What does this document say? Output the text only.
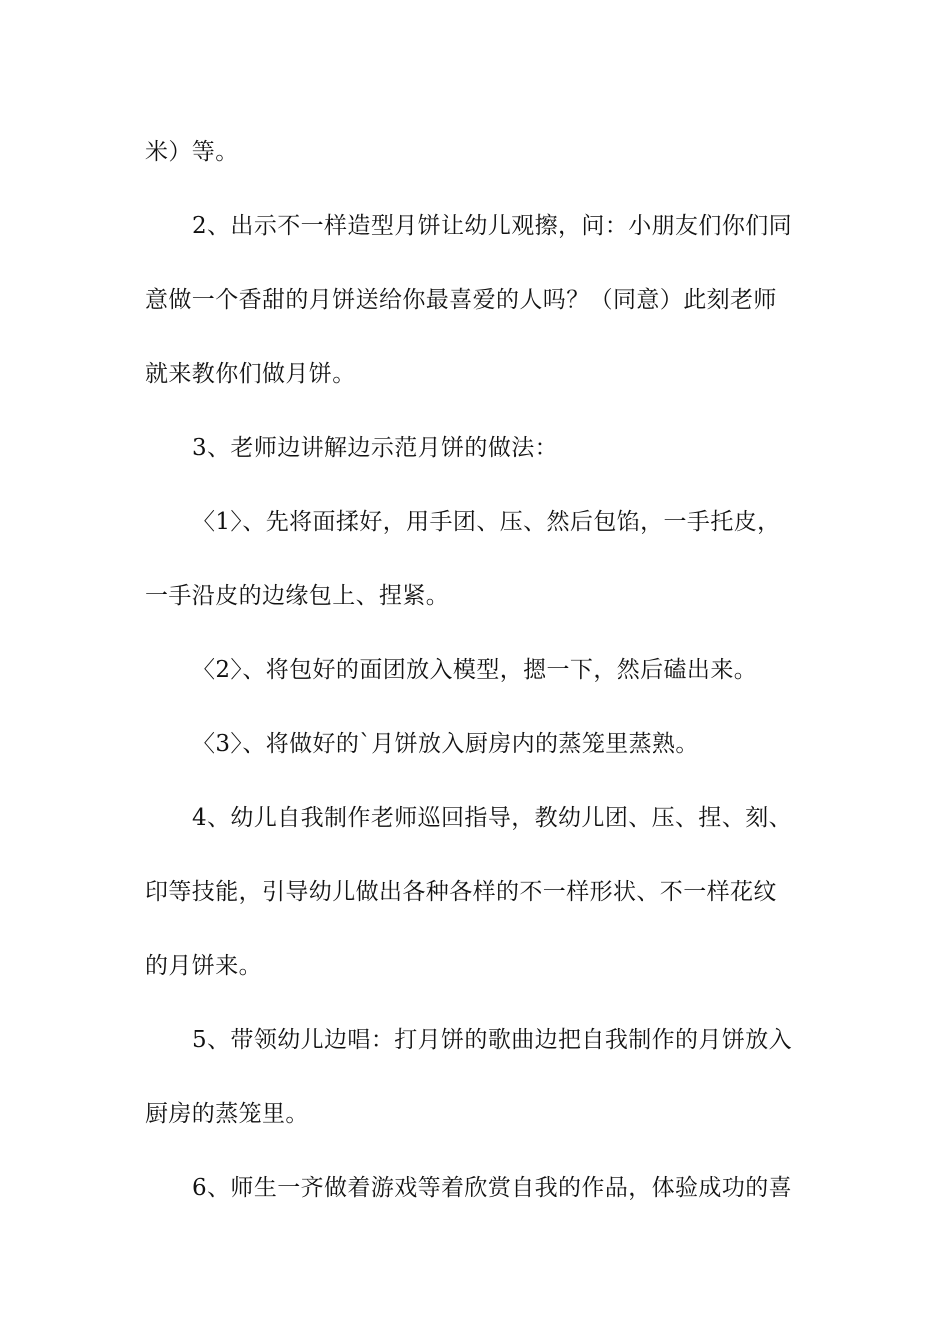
米）等。
2、出示不一样造型月饼让幼儿观擦，问：小朋友们你们同
意做一个香甜的月饼送给你最喜爱的人吗？（同意）此刻老师
就来教你们做月饼。
3、老师边讲解边示范月饼的做法：
〈1〉、先将面揉好，用手团、压、然后包馅，一手托皮，
一手沿皮的边缘包上、捏紧。
〈2〉、将包好的面团放入模型，摁一下，然后磕出来。
〈3〉、将做好的`月饼放入厨房内的蒸笼里蒸熟。
4、幼儿自我制作老师巡回指导，教幼儿团、压、捏、刻、
印等技能，引导幼儿做出各种各样的不一样形状、不一样花纹
的月饼来。
5、带领幼儿边唱：打月饼的歌曲边把自我制作的月饼放入
厨房的蒸笼里。
6、师生一齐做着游戏等着欣赏自我的作品，体验成功的喜
